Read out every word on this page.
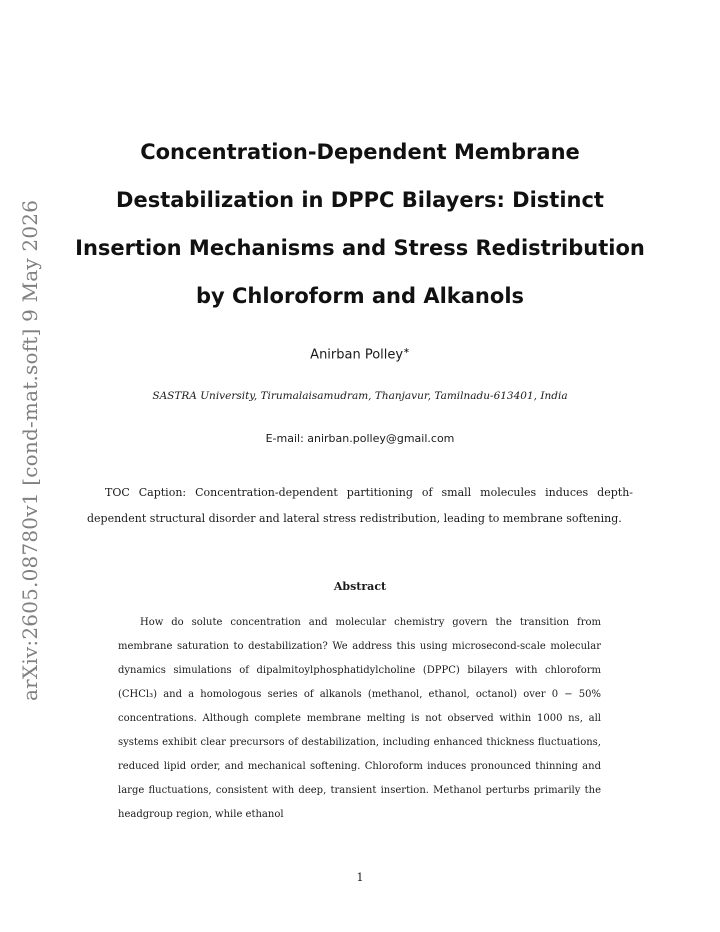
arXiv:2605.08780v1 [cond-mat.soft] 9 May 2026
Concentration-Dependent Membrane
Destabilization in DPPC Bilayers: Distinct
Insertion Mechanisms and Stress Redistribution
by Chloroform and Alkanols
Anirban Polley∗
SASTRA University, Tirumalaisamudram, Thanjavur, Tamilnadu-613401, India
E-mail: anirban.polley@gmail.com

TOC Caption: Concentration-dependent partitioning of small molecules induces depth-dependent structural disorder and lateral stress redistribution, leading to membrane softening.

Abstract

How do solute concentration and molecular chemistry govern the transition from membrane saturation to destabilization? We address this using microsecond-scale molecular dynamics simulations of dipalmitoylphosphatidylcholine (DPPC) bilayers with chloroform (CHCl₃) and a homologous series of alkanols (methanol, ethanol, octanol) over 0 − 50% concentrations. Although complete membrane melting is not observed within 1000 ns, all systems exhibit clear precursors of destabilization, including enhanced thickness fluctuations, reduced lipid order, and mechanical softening. Chloroform induces pronounced thinning and large fluctuations, consistent with deep, transient insertion. Methanol perturbs primarily the headgroup region, while ethanol

1
